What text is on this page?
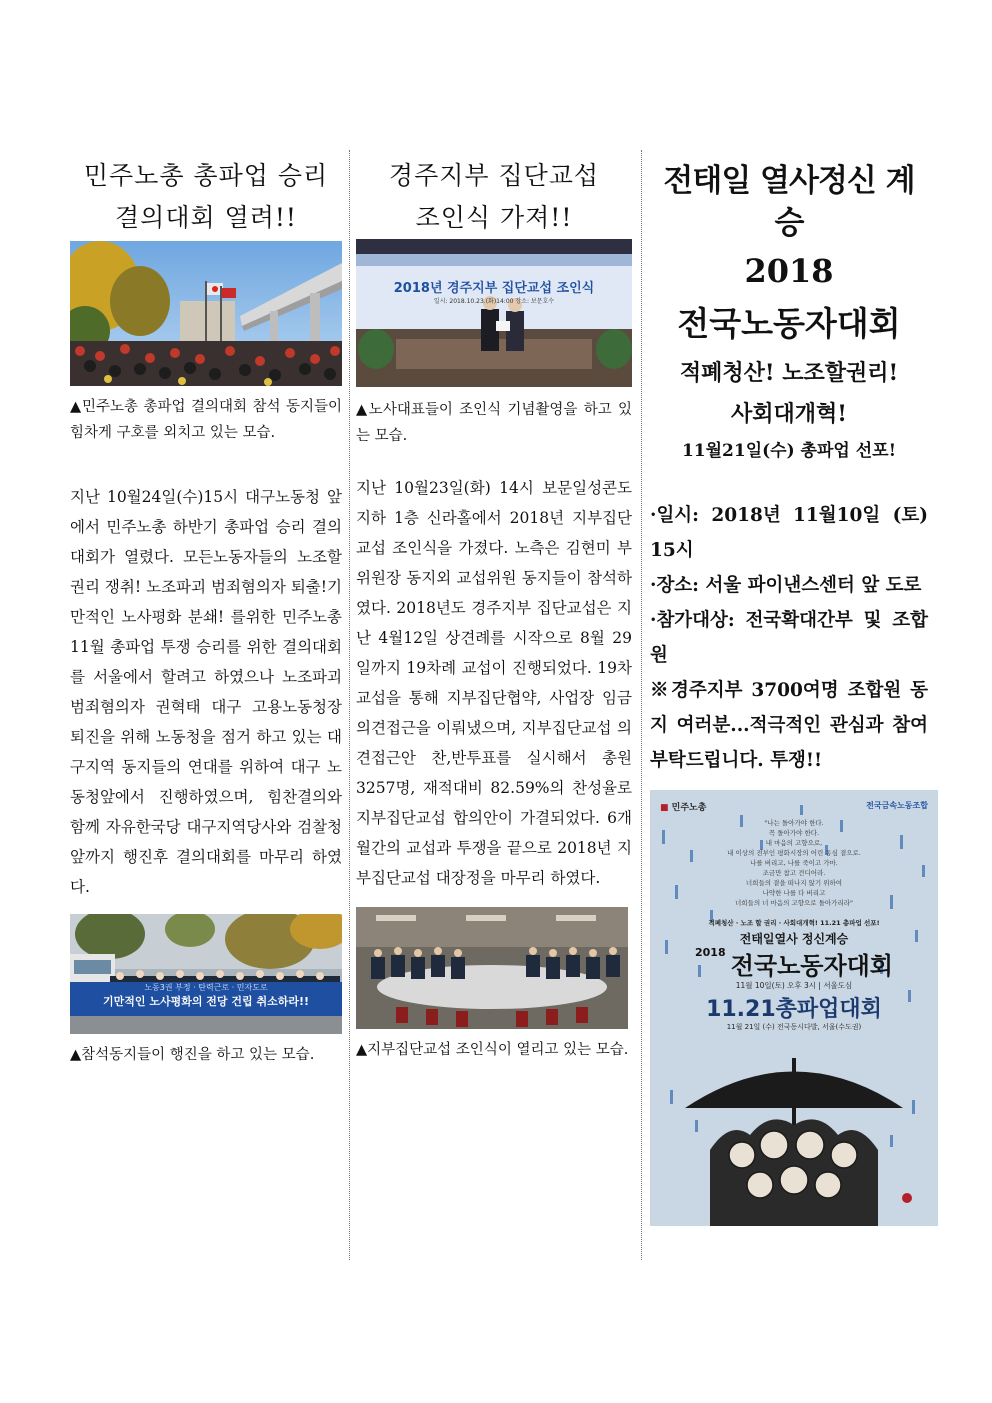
민주노총 총파업 승리
결의대회 열려!!

▲민주노총 총파업 결의대회 참석 동지들이 힘차게 구호를 외치고 있는 모습.

지난 10월24일(수)15시 대구노동청 앞에서 민주노총 하반기 총파업 승리 결의대회가 열렸다. 모든노동자들의 노조할권리 쟁취! 노조파괴 범죄혐의자 퇴출!기만적인 노사평화 분쇄! 를위한 민주노총 11월 총파업 투쟁 승리를 위한 결의대회를 서울에서 할려고 하였으나 노조파괴 범죄혐의자 권혁태 대구 고용노동청장 퇴진을 위해 노동청을 점거 하고 있는 대구지역 동지들의 연대를 위하여 대구 노동청앞에서 진행하였으며, 힘찬결의와 함께 자유한국당 대구지역당사와 검찰청 앞까지 행진후 결의대회를 마무리 하였다.

노동3권 부정 · 탄력근로 · 민자도로
기만적인 노사평화의 전당 건립 취소하라!!

▲참석동지들이 행진을 하고 있는 모습.

경주지부 집단교섭
조인식 가져!!
2018년 경주지부 집단교섭 조인식
일시: 2018.10.23.(화)14:00 장소: 보문호수

▲노사대표들이 조인식 기념촬영을 하고 있는 모습.

지난 10월23일(화) 14시 보문일성콘도 지하 1층 신라홀에서 2018년 지부집단교섭 조인식을 가졌다. 노측은 김현미 부위원장 동지외 교섭위원 동지들이 참석하였다. 2018년도 경주지부 집단교섭은 지난 4월12일 상견례를 시작으로 8월 29일까지 19차례 교섭이 진행되었다. 19차 교섭을 통해 지부집단협약, 사업장 임금 의견접근을 이뤄냈으며, 지부집단교섭 의견접근안 찬,반투표를 실시해서 총원 3257명, 재적대비 82.59%의 찬성율로 지부집단교섭 합의안이 가결되었다. 6개월간의 교섭과 투쟁을 끝으로 2018년 지부집단교섭 대장정을 마무리 하였다.

▲지부집단교섭 조인식이 열리고 있는 모습.

전태일 열사정신 계승
2018
전국노동자대회
적폐청산! 노조할권리!
사회대개혁!
11월21일(수) 총파업 선포!

·일시: 2018년 11월10일 (토) 15시

·장소: 서울 파이낸스센터 앞 도로

·참가대상: 전국확대간부 및 조합원

※경주지부 3700여명 조합원 동지 여러분...적극적인 관심과 참여 부탁드립니다. 투쟁!!

■ 민주노총	전국금속노동조합
"나는 돌아가야 한다.
꼭 돌아가야 한다.
내 마음의 고향으로,
내 이상의 전부인 평화시장의 어린 동심 곁으로.
나를 버리고, 나를 죽이고 가마.
조금만 참고 견디어라.
너희들의 곁을 떠나지 않기 위하여
나약한 나를 다 버리고
너희들의 너 마음의 고향으로 돌아가리라"
적폐청산 · 노조 할 권리 · 사회대개혁! 11.21 총파업 선포!
전태일열사 정신계승
$^{2018}$ 전국노동자대회
11월 10일(토) 오후 3시 | 서울도심
11.21총파업대회
11월 21일 (수) 전국동시다발, 서울(수도권)
